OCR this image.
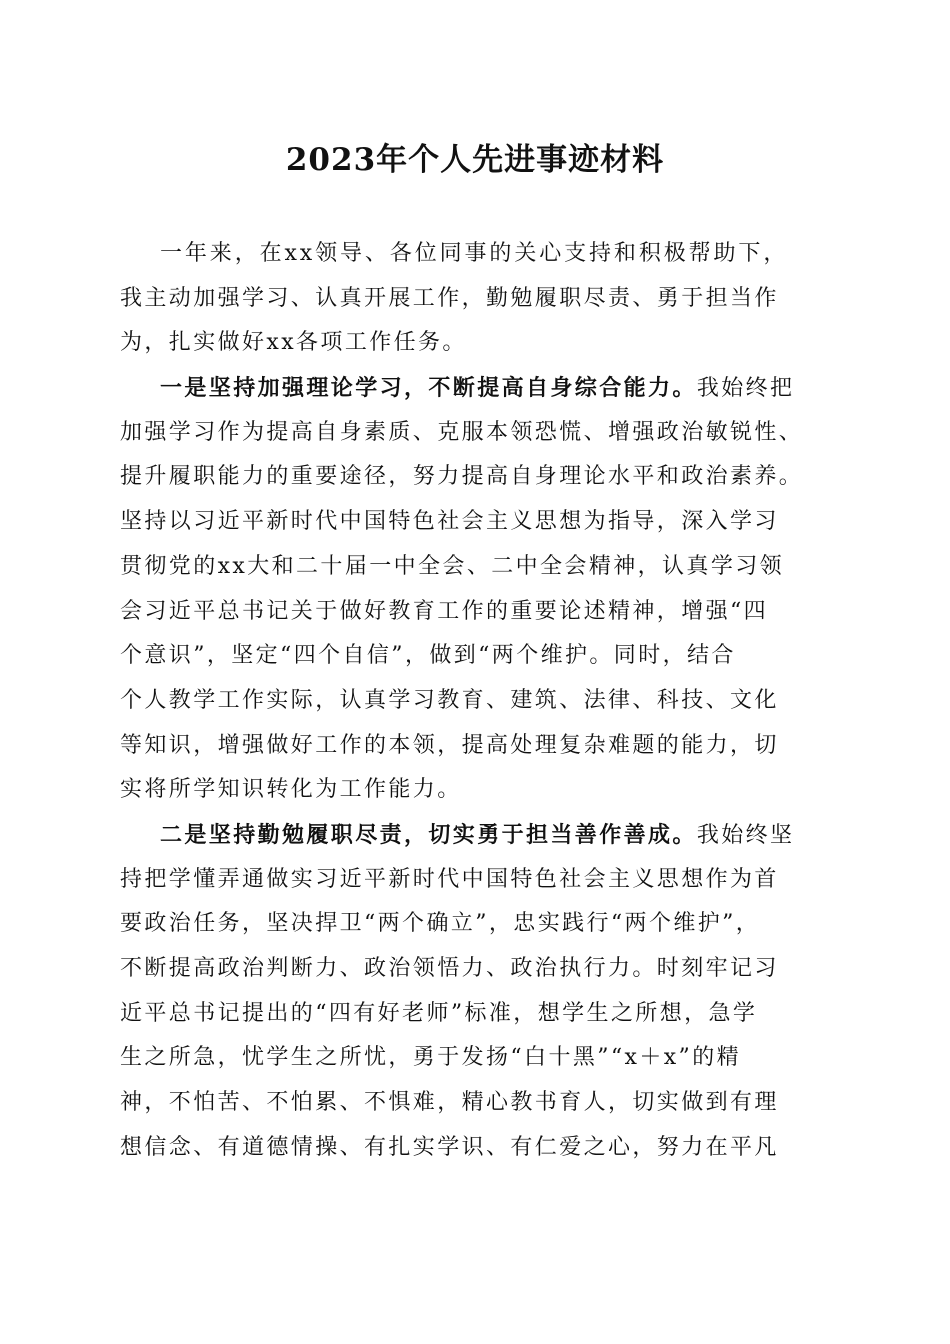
2023年个人先进事迹材料
一年来，在xx领导、各位同事的关心支持和积极帮助下，
我主动加强学习、认真开展工作，勤勉履职尽责、勇于担当作
为，扎实做好xx各项工作任务。
一是坚持加强理论学习，不断提高自身综合能力。我始终把
加强学习作为提高自身素质、克服本领恐慌、增强政治敏锐性、
提升履职能力的重要途径，努力提高自身理论水平和政治素养。
坚持以习近平新时代中国特色社会主义思想为指导，深入学习
贯彻党的xx大和二十届一中全会、二中全会精神，认真学习领
会习近平总书记关于做好教育工作的重要论述精神，增强“四
个意识”，坚定“四个自信”，做到“两个维护。同时，结合
个人教学工作实际，认真学习教育、建筑、法律、科技、文化
等知识，增强做好工作的本领，提高处理复杂难题的能力，切
实将所学知识转化为工作能力。
二是坚持勤勉履职尽责，切实勇于担当善作善成。我始终坚
持把学懂弄通做实习近平新时代中国特色社会主义思想作为首
要政治任务，坚决捍卫“两个确立”，忠实践行“两个维护”，
不断提高政治判断力、政治领悟力、政治执行力。时刻牢记习
近平总书记提出的“四有好老师”标准，想学生之所想，急学
生之所急，忧学生之所忧，勇于发扬“白十黑”“x＋x”的精
神，不怕苦、不怕累、不惧难，精心教书育人，切实做到有理
想信念、有道德情操、有扎实学识、有仁爱之心，努力在平凡
